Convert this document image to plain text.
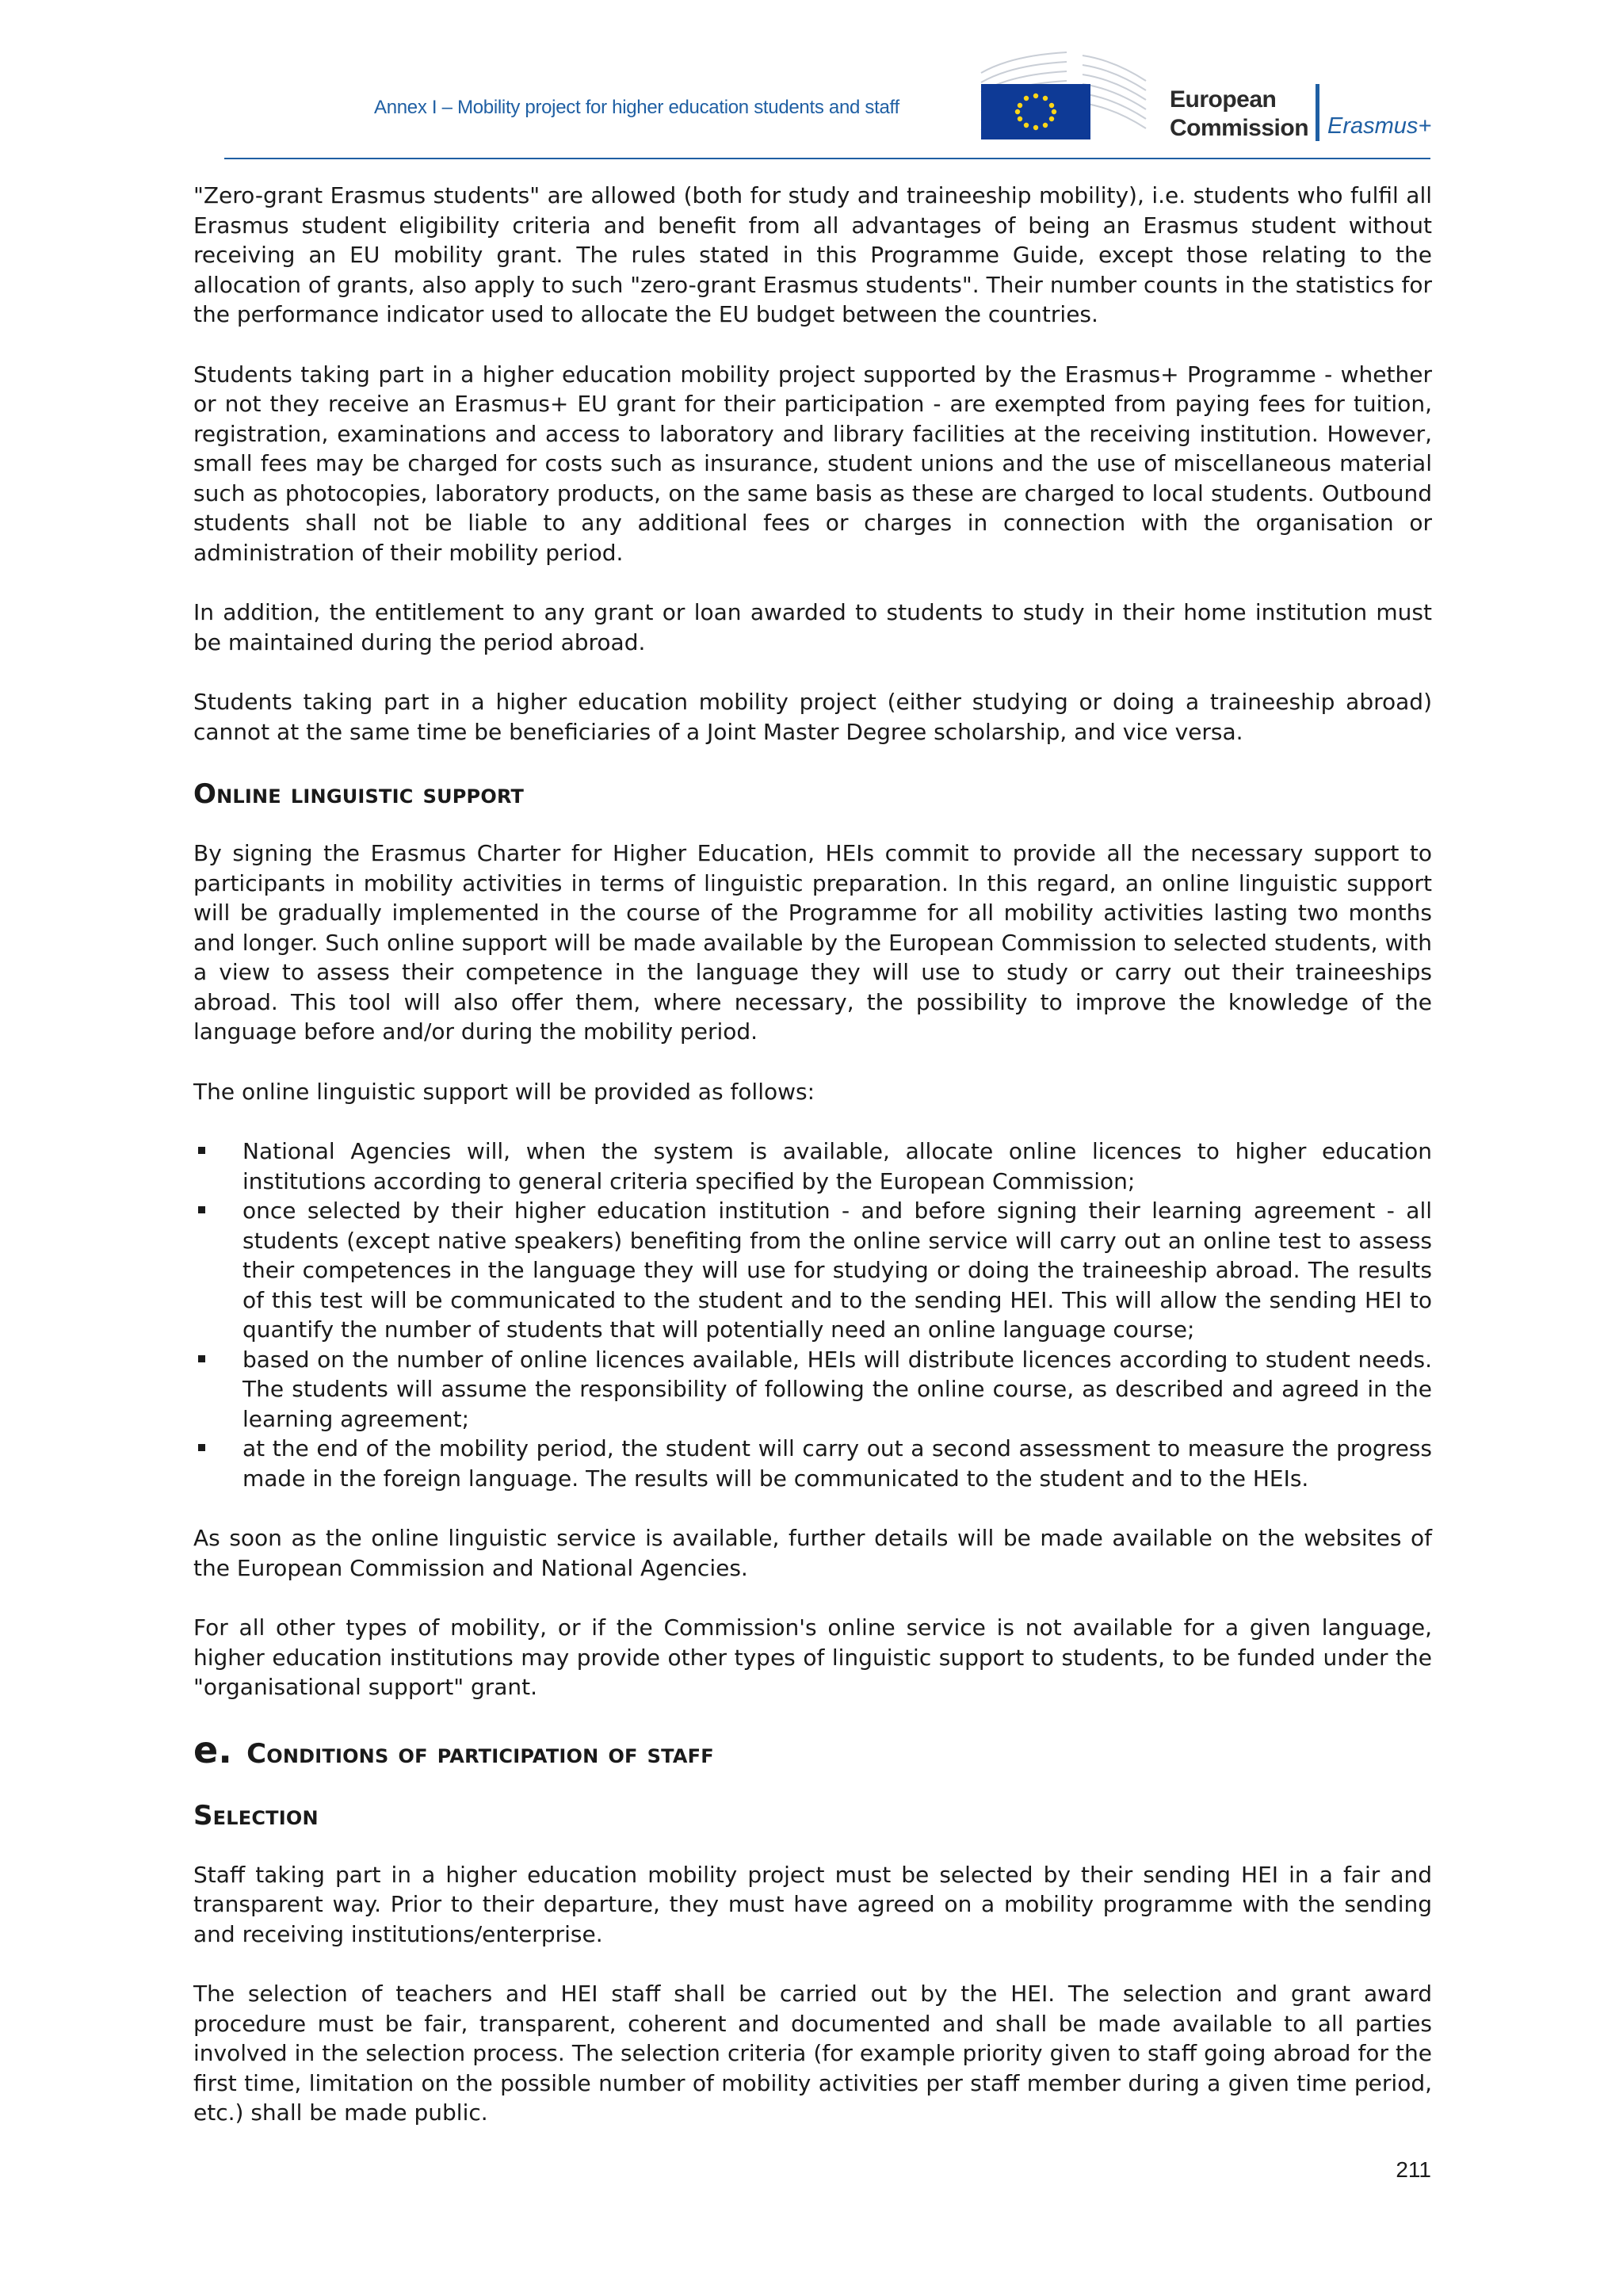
Annex I – Mobility project for higher education students and staff	European
Commission Erasmus+

"Zero-grant Erasmus students" are allowed (both for study and traineeship mobility), i.e. students who fulfil all Erasmus student eligibility criteria and benefit from all advantages of being an Erasmus student without receiving an EU mobility grant. The rules stated in this Programme Guide, except those relating to the allocation of grants, also apply to such "zero-grant Erasmus students". Their number counts in the statistics for the performance indicator used to allocate the EU budget between the countries.

Students taking part in a higher education mobility project supported by the Erasmus+ Programme - whether or not they receive an Erasmus+ EU grant for their participation - are exempted from paying fees for tuition, registration, examinations and access to laboratory and library facilities at the receiving institution. However, small fees may be charged for costs such as insurance, student unions and the use of miscellaneous material such as photocopies, laboratory products, on the same basis as these are charged to local students. Outbound students shall not be liable to any additional fees or charges in connection with the organisation or administration of their mobility period.

In addition, the entitlement to any grant or loan awarded to students to study in their home institution must be maintained during the period abroad.

Students taking part in a higher education mobility project (either studying or doing a traineeship abroad) cannot at the same time be beneficiaries of a Joint Master Degree scholarship, and vice versa.

Online linguistic support

By signing the Erasmus Charter for Higher Education, HEIs commit to provide all the necessary support to participants in mobility activities in terms of linguistic preparation. In this regard, an online linguistic support will be gradually implemented in the course of the Programme for all mobility activities lasting two months and longer. Such online support will be made available by the European Commission to selected students, with a view to assess their competence in the language they will use to study or carry out their traineeships abroad. This tool will also offer them, where necessary, the possibility to improve the knowledge of the language before and/or during the mobility period.

The online linguistic support will be provided as follows:

National Agencies will, when the system is available, allocate online licences to higher education institutions according to general criteria specified by the European Commission;
once selected by their higher education institution - and before signing their learning agreement - all students (except native speakers) benefiting from the online service will carry out an online test to assess their competences in the language they will use for studying or doing the traineeship abroad. The results of this test will be communicated to the student and to the sending HEI. This will allow the sending HEI to quantify the number of students that will potentially need an online language course;
based on the number of online licences available, HEIs will distribute licences according to student needs. The students will assume the responsibility of following the online course, as described and agreed in the learning agreement;
at the end of the mobility period, the student will carry out a second assessment to measure the progress made in the foreign language. The results will be communicated to the student and to the HEIs.

As soon as the online linguistic service is available, further details will be made available on the websites of the European Commission and National Agencies.

For all other types of mobility, or if the Commission's online service is not available for a given language, higher education institutions may provide other types of linguistic support to students, to be funded under the "organisational support" grant.

e. Conditions of participation of staff
Selection

Staff taking part in a higher education mobility project must be selected by their sending HEI in a fair and transparent way. Prior to their departure, they must have agreed on a mobility programme with the sending and receiving institutions/enterprise.

The selection of teachers and HEI staff shall be carried out by the HEI. The selection and grant award procedure must be fair, transparent, coherent and documented and shall be made available to all parties involved in the selection process. The selection criteria (for example priority given to staff going abroad for the first time, limitation on the possible number of mobility activities per staff member during a given time period, etc.) shall be made public.

211
